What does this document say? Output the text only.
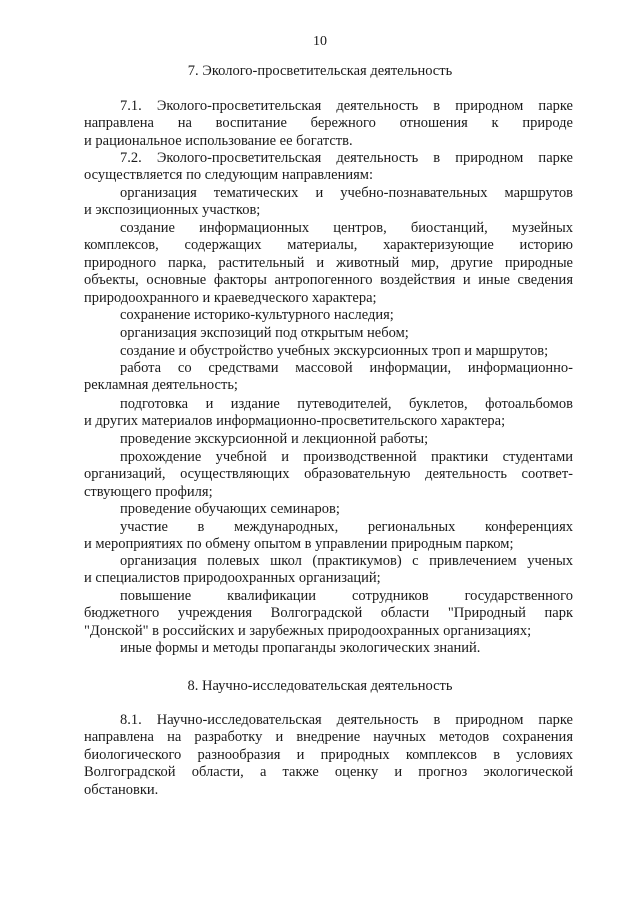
10
7. Эколого-просветительская деятельность
7.1. Эколого-просветительская деятельность в природном парке
направлена на воспитание бережного отношения к природе
и рациональное использование ее богатств.
7.2. Эколого-просветительская деятельность в природном парке
осуществляется по следующим направлениям:
организация тематических и учебно-познавательных маршрутов
и экспозиционных участков;
создание информационных центров, биостанций, музейных
комплексов, содержащих материалы, характеризующие историю
природного парка, растительный и животный мир, другие природные
объекты, основные факторы антропогенного воздействия и иные сведения
природоохранного и краеведческого характера;
сохранение историко-культурного наследия;
организация экспозиций под открытым небом;
создание и обустройство учебных экскурсионных троп и маршрутов;
работа со средствами массовой информации, информационно-
рекламная деятельность;
подготовка и издание путеводителей, буклетов, фотоальбомов
и других материалов информационно-просветительского характера;
проведение экскурсионной и лекционной работы;
прохождение учебной и производственной практики студентами
организаций, осуществляющих образовательную деятельность соответ-
ствующего профиля;
проведение обучающих семинаров;
участие в международных, региональных конференциях
и мероприятиях по обмену опытом в управлении природным парком;
организация полевых школ (практикумов) с привлечением ученых
и специалистов природоохранных организаций;
повышение квалификации сотрудников государственного
бюджетного учреждения Волгоградской области "Природный парк
"Донской" в российских и зарубежных природоохранных организациях;
иные формы и методы пропаганды экологических знаний.
8. Научно-исследовательская деятельность
8.1. Научно-исследовательская деятельность в природном парке
направлена на разработку и внедрение научных методов сохранения
биологического разнообразия и природных комплексов в условиях
Волгоградской области, а также оценку и прогноз экологической
обстановки.
